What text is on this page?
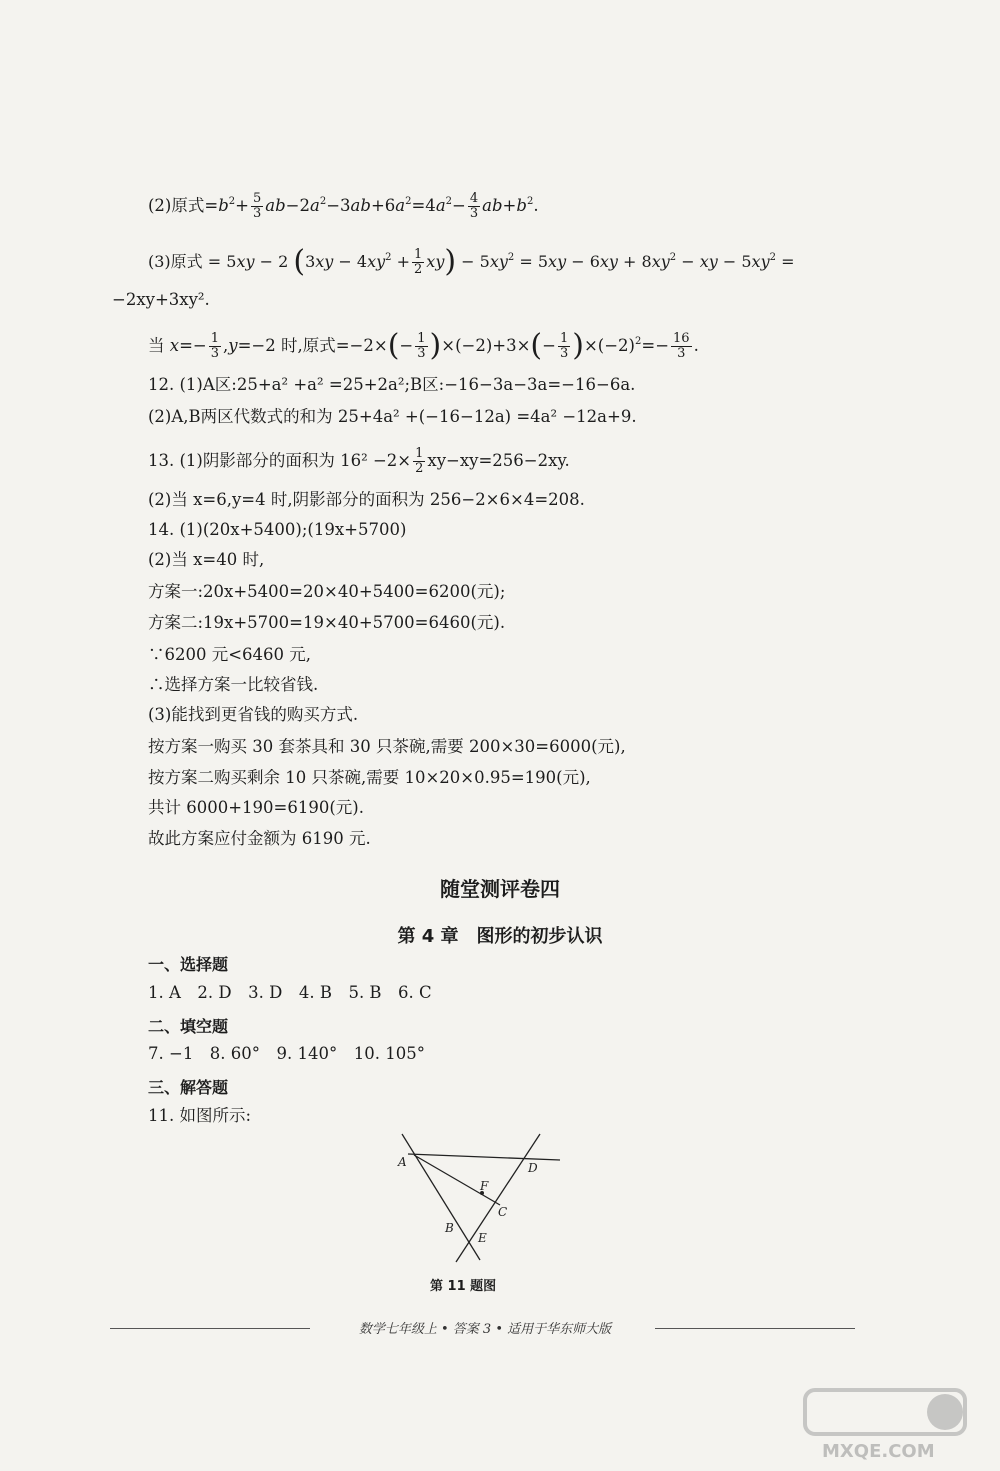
(2)原式$=b^2+ \frac{5}{3} ab-2a^2-3ab+6a^2=4a^2- \frac{4}{3} ab+b^2$.
(3)原式 = 5xy − 2 $(3xy - 4xy^2 + \frac{1}{2} xy) - 5xy^2 = 5xy - 6xy + 8xy^2$ − xy − $5xy^2$ =
−2xy+3xy².
当 $x=- \frac{1}{3} ,y=-2$ 时,原式$=-2\times(- \frac{1}{3} )\times(-2)+3\times(- \frac{1}{3} )\times(-2)^2=- \frac{16}{3}$ .
12. (1)A区:25+a² +a² =25+2a²;B区:−16−3a−3a=−16−6a.
(2)A,B两区代数式的和为 25+4a² +(−16−12a) =4a² −12a+9.
13. (1)阴影部分的面积为 $16^2 -2\times \frac{1}{2} xy-xy=256-2xy$.
(2)当 x=6,y=4 时,阴影部分的面积为 256−2×6×4=208.
14. (1)(20x+5400);(19x+5700)
(2)当 x=40 时,
方案一:20x+5400=20×40+5400=6200(元);
方案二:19x+5700=19×40+5700=6460(元).
∵6200 元<6460 元,
∴选择方案一比较省钱.
(3)能找到更省钱的购买方式.
按方案一购买 30 套茶具和 30 只茶碗,需要 200×30=6000(元),
按方案二购买剩余 10 只茶碗,需要 10×20×0.95=190(元),
共计 6000+190=6190(元).
故此方案应付金额为 6190 元.
随堂测评卷四
第 4 章　图形的初步认识
一、选择题
1. A　2. D　3. D　4. B　5. B　6. C
二、填空题
7. −1　8. 60°　9. 140°　10. 105°
三、解答题
11. 如图所示:
A	D
F
C
B
E
第 11 题图
数学七年级上 • 答案 3 • 适用于华东师大版
MXQE.COM
